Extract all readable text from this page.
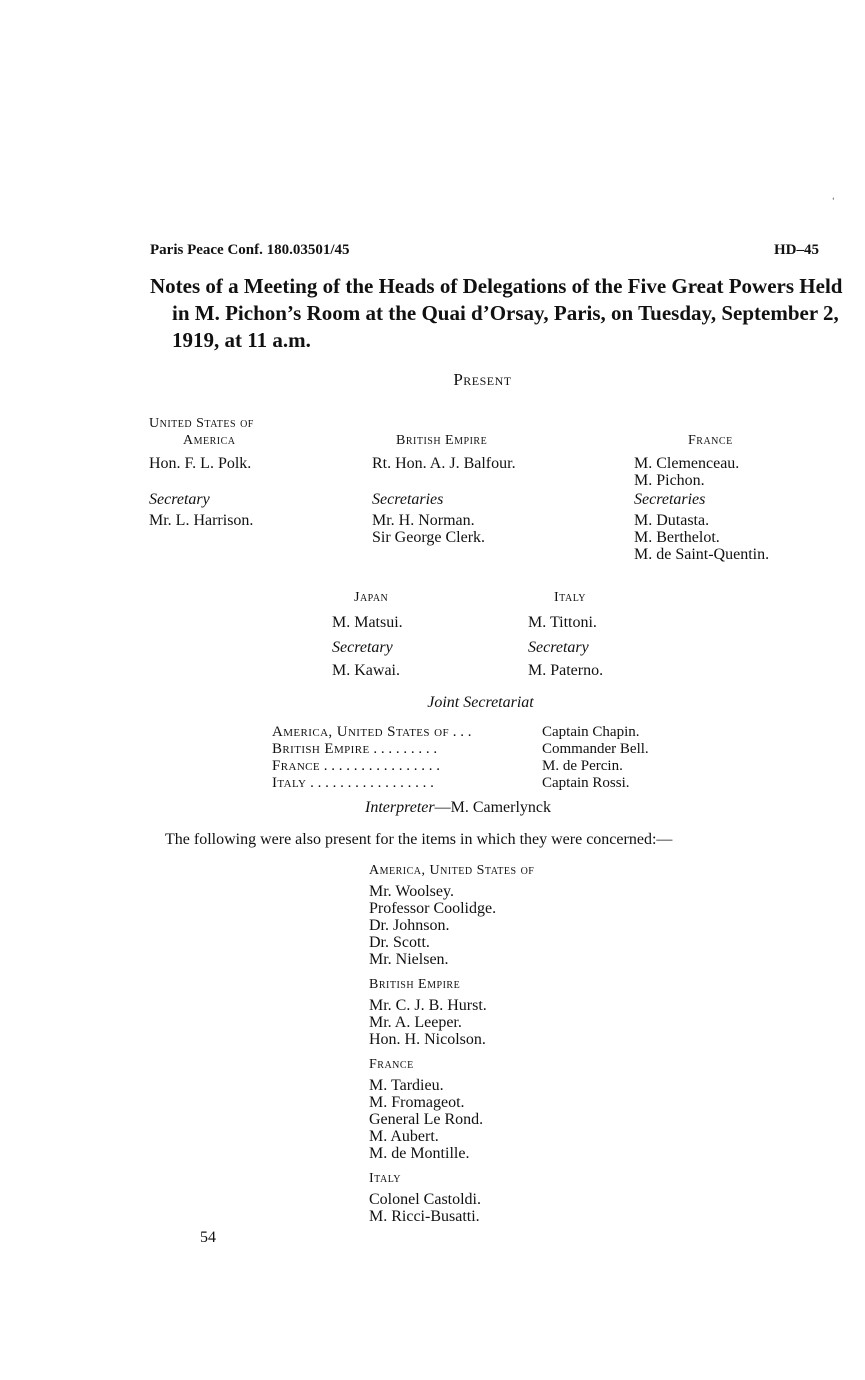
‘
Paris Peace Conf. 180.03501/45	HD–45
Notes of a Meeting of the Heads of Delegations of the Five Great Powers Held in M. Pichon’s Room at the Quai d’Orsay, Paris, on Tuesday, September 2, 1919, at 11 a.m.
Present
United States of
America
Hon. F. L. Polk.
Secretary
Mr. L. Harrison.
British Empire
Rt. Hon. A. J. Balfour.
Secretaries
Mr. H. Norman.
Sir George Clerk.
France
M. Clemenceau.
M. Pichon.
Secretaries
M. Dutasta.
M. Berthelot.
M. de Saint-Quentin.
Japan
M. Matsui.
Secretary
M. Kawai.
Italy
M. Tittoni.
Secretary
M. Paterno.
Joint Secretariat
America, United States of . . .	Captain Chapin.
British Empire . . . . . . . . .	Commander Bell.
France . . . . . . . . . . . . . . . .	M. de Percin.
Italy . . . . . . . . . . . . . . . . .	Captain Rossi.
Interpreter—M. Camerlynck
The following were also present for the items in which they were concerned:—
America, United States of
Mr. Woolsey.
Professor Coolidge.
Dr. Johnson.
Dr. Scott.
Mr. Nielsen.
British Empire
Mr. C. J. B. Hurst.
Mr. A. Leeper.
Hon. H. Nicolson.
France
M. Tardieu.
M. Fromageot.
General Le Rond.
M. Aubert.
M. de Montille.
Italy
Colonel Castoldi.
M. Ricci-Busatti.
54
